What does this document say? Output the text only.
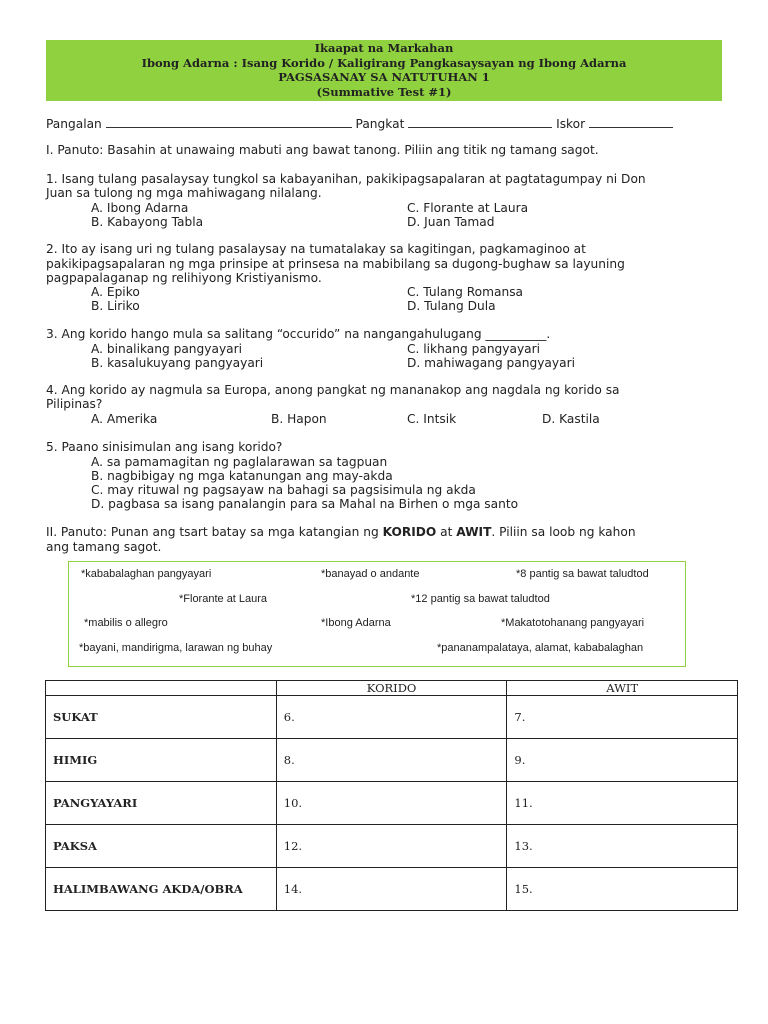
Ikaapat na Markahan
Ibong Adarna : Isang Korido / Kaligirang Pangkasaysayan ng Ibong Adarna
PAGSASANAY SA NATUTUHAN 1
(Summative Test #1)
Pangalan	Pangkat	Iskor
I. Panuto: Basahin at unawaing mabuti ang bawat tanong. Piliin ang titik ng tamang sagot.
1. Isang tulang pasalaysay tungkol sa kabayanihan, pakikipagsapalaran at pagtatagumpay ni Don
Juan sa tulong ng mga mahiwagang nilalang.
A. Ibong Adarna	C. Florante at Laura
B. Kabayong Tabla	D. Juan Tamad
2. Ito ay isang uri ng tulang pasalaysay na tumatalakay sa kagitingan, pagkamaginoo at
pakikipagsapalaran ng mga prinsipe at prinsesa na mabibilang sa dugong-bughaw sa layuning
pagpapalaganap ng relihiyong Kristiyanismo.
A. Epiko	C. Tulang Romansa
B. Liriko	D. Tulang Dula
3. Ang korido hango mula sa salitang “occurido” na nangangahulugang __________.
A. binalikang pangyayari	C. likhang pangyayari
B. kasalukuyang pangyayari	D. mahiwagang pangyayari
4. Ang korido ay nagmula sa Europa, anong pangkat ng mananakop ang nagdala ng korido sa
Pilipinas?
A. Amerika	B. Hapon	C. Intsik	D. Kastila
5. Paano sinisimulan ang isang korido?
A. sa pamamagitan ng paglalarawan sa tagpuan
B. nagbibigay ng mga katanungan ang may-akda
C. may rituwal ng pagsayaw na bahagi sa pagsisimula ng akda
D. pagbasa sa isang panalangin para sa Mahal na Birhen o mga santo
II. Panuto: Punan ang tsart batay sa mga katangian ng KORIDO at AWIT. Piliin sa loob ng kahon
ang tamang sagot.
*kababalaghan pangyayari	*banayad o andante	*8 pantig sa bawat taludtod
*Florante at Laura	*12 pantig sa bawat taludtod
*mabilis o allegro	*Ibong Adarna	*Makatotohanang pangyayari
*bayani, mandirigma, larawan ng buhay	*pananampalataya, alamat, kababalaghan
	KORIDO	AWIT
SUKAT	6.	7.
HIMIG	8.	9.
PANGYAYARI	10.	11.
PAKSA	12.	13.
HALIMBAWANG AKDA/OBRA	14.	15.
